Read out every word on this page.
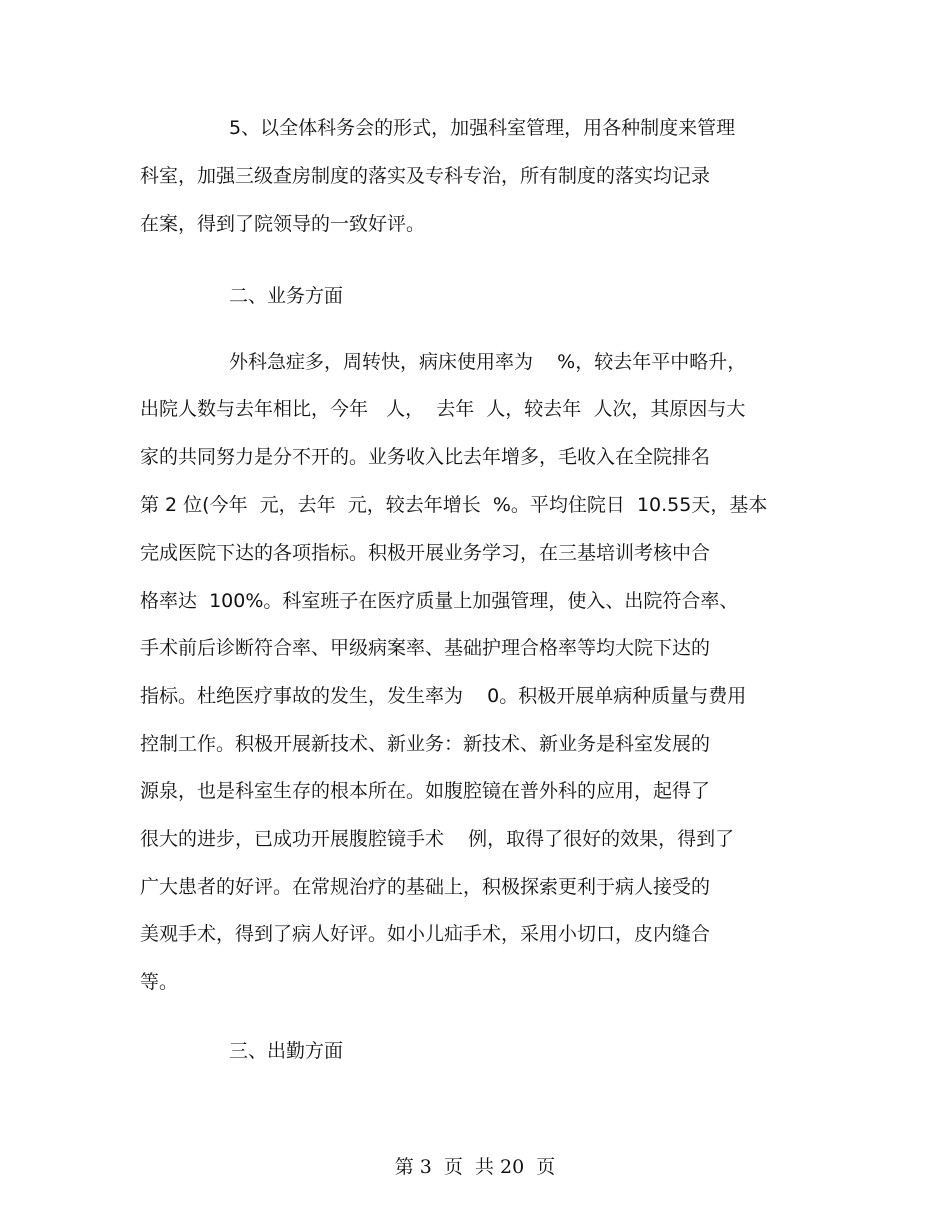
5、以全体科务会的形式，加强科室管理，用各种制度来管理
科室，加强三级查房制度的落实及专科专治，所有制度的落实均记录
在案，得到了院领导的一致好评。
二、业务方面
外科急症多，周转快，病床使用率为    %，较去年平中略升，
出院人数与去年相比，今年   人，  去年  人，较去年  人次，其原因与大
家的共同努力是分不开的。业务收入比去年增多，毛收入在全院排名
第 2 位(今年  元，去年  元，较去年增长  %。平均住院日  10.55天，基本
完成医院下达的各项指标。积极开展业务学习，在三基培训考核中合
格率达  100%。科室班子在医疗质量上加强管理，使入、出院符合率、
手术前后诊断符合率、甲级病案率、基础护理合格率等均大院下达的
指标。杜绝医疗事故的发生，发生率为    0。积极开展单病种质量与费用
控制工作。积极开展新技术、新业务：新技术、新业务是科室发展的
源泉，也是科室生存的根本所在。如腹腔镜在普外科的应用，起得了
很大的进步，已成功开展腹腔镜手术    例，取得了很好的效果，得到了
广大患者的好评。在常规治疗的基础上，积极探索更利于病人接受的
美观手术，得到了病人好评。如小儿疝手术，采用小切口，皮内缝合
等。
三、出勤方面
第 3  页  共 20  页
